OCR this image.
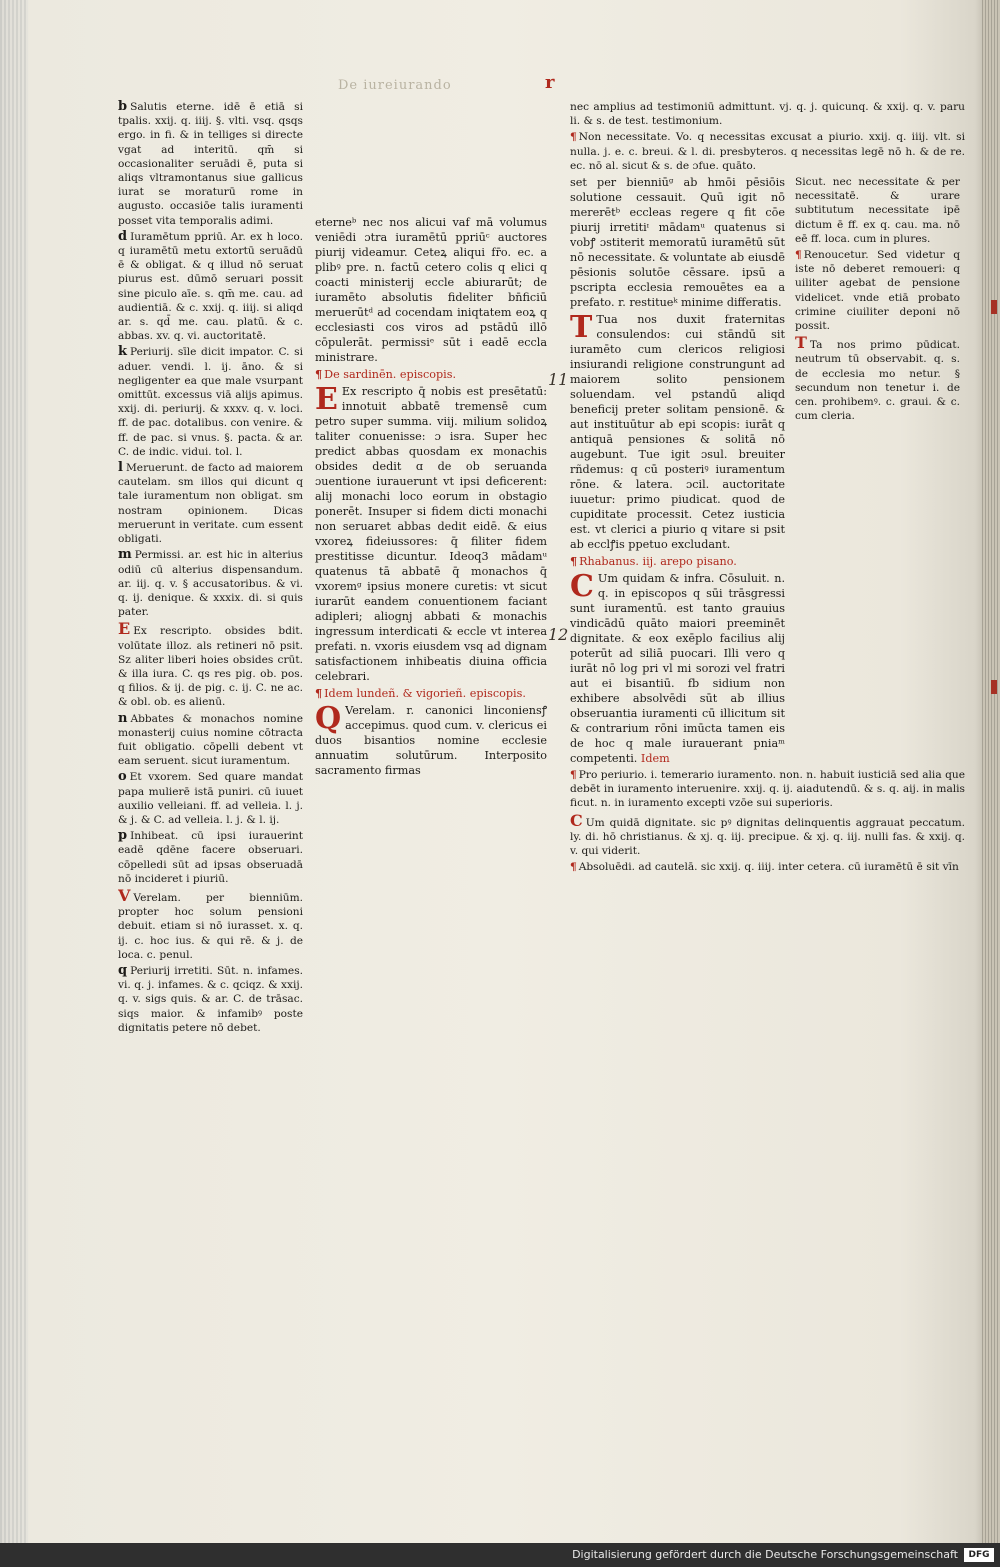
De iureiurando	r
11
12

b Salutis eterne. idē ē etiā si tpalis. xxij. q. iiij. §. vlti. vsq. qsqs ergo. in fi. & in telliges si directe vgat ad interitū. qm̄ si occasionaliter seruādi ē, puta si aliqs vltramontanus siue gallicus iurat se moraturū rome in augusto. occasiōe talis iuramenti posset vita temporalis adimi.

d Iuramētum ppriū. Ar. ex h loco. q iuramētū metu extortū seruādū ē & obligat. & q illud nō seruat piurus est. dūmō seruari possit sine piculo aīe. s. qm̄ me. cau. ad audientiā. & c. xxij. q. iiij. si aliqd ar. s. qd̄ me. cau. platū. & c. abbas. xv. q. vi. auctoritatē.

k Periurij. sīle dicit impator. C. si aduer. vendi. l. ij. āno. & si negligenter ea que male vsurpant omittūt. excessus viā alijs apimus. xxij. di. periurij. & xxxv. q. v. loci. ff. de pac. dotalibus. con venire. & ff. de pac. si vnus. §. pacta. & ar. C. de indic. vidui. tol. l.

l Meruerunt. de facto ad maiorem cautelam. sm illos qui dicunt q tale iuramentum non obligat. sm nostram opinionem. Dicas meruerunt in veritate. cum essent obligati.

m Permissi. ar. est hic in alterius odiū cū alterius dispensandum. ar. iij. q. v. § accusatoribus. & vi. q. ij. denique. & xxxix. di. si quis pater.

E Ex rescripto. obsides bdit. volūtate illoz. als retineri nō psit. Sz aliter liberi hoies obsides crūt. & illa iura. C. qs res pig. ob. pos. q filios. & ij. de pig. c. ij. C. ne ac. & obl. ob. es alienū.

n Abbates & monachos nomine monasterij cuius nomine cōtracta fuit obligatio. cōpelli debent vt eam seruent. sicut iuramentum.

o Et vxorem. Sed quare mandat papa mulierē istā puniri. cū iuuet auxilio velleiani. ff. ad velleia. l. j. & j. & C. ad velleia. l. j. & l. ij.

p Inhibeat. cū ipsi iurauerint eadē qdēne facere obseruari. cōpelledi sūt ad ipsas obseruadā nō incideret i piuriū.

V Verelam. per bienniūm. propter hoc solum pensioni debuit. etiam si nō iurasset. x. q. ij. c. hoc ius. & qui rē. & j. de loca. c. penul.

q Periurij irretiti. Sūt. n. infames. vi. q. j. infames. & c. qciqz. & xxij. q. v. sigs quis. & ar. C. de trāsac. siqs maior. & infamibꝰ poste dignitatis petere nō debet.

eterneᵇ nec nos alicui vaf mā volumus veniēdi ɔtra iuramētū ppriūᶜ auctores piurij videamur. Ceteꝝ aliqui fr̄o. ec. a plibꝰ pre. n. factū cetero colis q elici q coacti ministerij eccle abiurarūt; de iuramēto absolutis fideliter bn̄ficiū meruerūtᵈ ad cocendam iniqtatem eoꝝ q ecclesiasti cos viros ad pstādū illō cōpulerāt. permissiᵉ sūt i eadē eccla ministrare.

¶ De sardinēn. episcopis.

E Ex rescripto q̄ nobis est presētatū: innotuit abbatē tremensē cum petro super summa. viij. milium solidoꝝ taliter conuenisse: ɔ isra. Super hec predict abbas quosdam ex monachis obsides dedit ɑ de ob seruanda ɔuentione iurauerunt vt ipsi deficerent: alij monachi loco eorum in obstagio ponerēt. Insuper si fidem dicti monachi non seruaret abbas dedit eidē. & eius vxoreꝝ fideiussores: q̄ filiter fidem prestitisse dicuntur. Ideoq3 mādamᵘ quatenus tā abbatē q̄ monachos q̄ vxoremᵍ ipsius monere curetis: vt sicut iurarūt eandem conuentionem faciant adipleri; aliognj abbati & monachis ingressum interdicati & eccle vt interea prefati. n. vxoris eiusdem vsq ad dignam satisfactionem inhibeatis diuina officia celebrari.

¶ Idem lundeñ. & vigorieñ. episcopis.

Q Verelam. r. canonici linconiensꝭ accepimus. quod cum. v. clericus ei duos bisantios nomine ecclesie annuatim solutūrum. Interposito sacramento firmas

nec amplius ad testimoniū admittunt. vj. q. j. quicunq. & xxij. q. v. paru li. & s. de test. testimonium.

¶ Non necessitate. Vo. q necessitas excusat a piurio. xxij. q. iiij. vlt. si nulla. j. e. c. breui. & l. di. presbyteros. q necessitas legē nō h. & de re. ec. nō al. sicut & s. de ɔfue. quāto.

set per bienniūᵍ ab hmōi pēsiōis solutione cessauit. Quū igit nō mererētᵇ eccleas regere q fit cōe piurij irretitiᶦ mādamᵘ quatenus si vobꝭ ɔstiterit memoratū iuramētū sūt nō necessitate. & voluntate ab eiusdē pēsionis solutōe cēssare. ipsū a pscripta ecclesia remouētes ea a prefato. r. restitueᵏ minime differatis.

T Tua nos duxit fraternitas consulendos: cui stāndū sit iuramēto cum clericos religiosi insiurandi religione construngunt ad maiorem solito pensionem soluendam. vel pstandū aliqd beneficij preter solitam pensionē. & aut instituūtur ab epi scopis: iurāt q antiquā pensiones & solitā nō augebunt. Tue igit ɔsul. breuiter rñdemus: q cū posteriꝰ iuramentum rōne. & latera. ɔcil. auctoritate iuuetur: primo piudicat. quod de cupiditate processit. Cetez iusticia est. vt clerici a piurio q vitare si psit ab ecclꝭis ppetuo excludant.

¶ Rhabanus. iij. arepo pisano.

C Um quidam & infra. Cōsuluit. n. q. in episcopos q sūi trāsgressi sunt iuramentū. est tanto grauius vindicādū quāto maiori preeminēt dignitate. & eox exēplo facilius alij poterūt ad siliā puocari. Illi vero q iurāt nō log pri vl mi sorozi vel fratri aut ei bisantiū. fb sidium non exhibere absolvēdi sūt ab illius obseruantia iuramenti cū illicitum sit & contrarium rōni imūcta tamen eis de hoc q male iurauerant pniaᵐ competenti. Idem

Sicut. nec necessitate & per necessitatē. & urare subtitutum necessitate ipē dictum ē ff. ex q. cau. ma. nō eē ff. loca. cum in plures.

¶ Renoucetur. Sed videtur q iste nō deberet remoueri: q uiliter agebat de pensione videlicet. vnde etiā probato crimine ciuiliter deponi nō possit.

T Ta nos primo pūdicat. neutrum tū observabit. q. s. de ecclesia mo netur. § secundum non tenetur i. de cen. prohibemꝰ. c. graui. & c. cum cleria.

¶ Pro periurio. i. temerario iuramento. non. n. habuit iusticiā sed alia que debēt in iuramento interuenire. xxij. q. ij. aiadutendū. & s. q. aij. in malis ficut. n. in iuramento excepti vzōe sui superioris.

C Um quidā dignitate. sic pꝰ dignitas delinquentis aggrauat peccatum. ly. di. hō christianus. & xj. q. iij. precipue. & xj. q. iij. nulli fas. & xxij. q. v. qui viderit.

¶ Absoluēdi. ad cautelā. sic xxij. q. iiij. inter cetera. cū iuramētū ē sit vīn

Digitalisierung gefördert durch die Deutsche Forschungsgemeinschaft	DFG
